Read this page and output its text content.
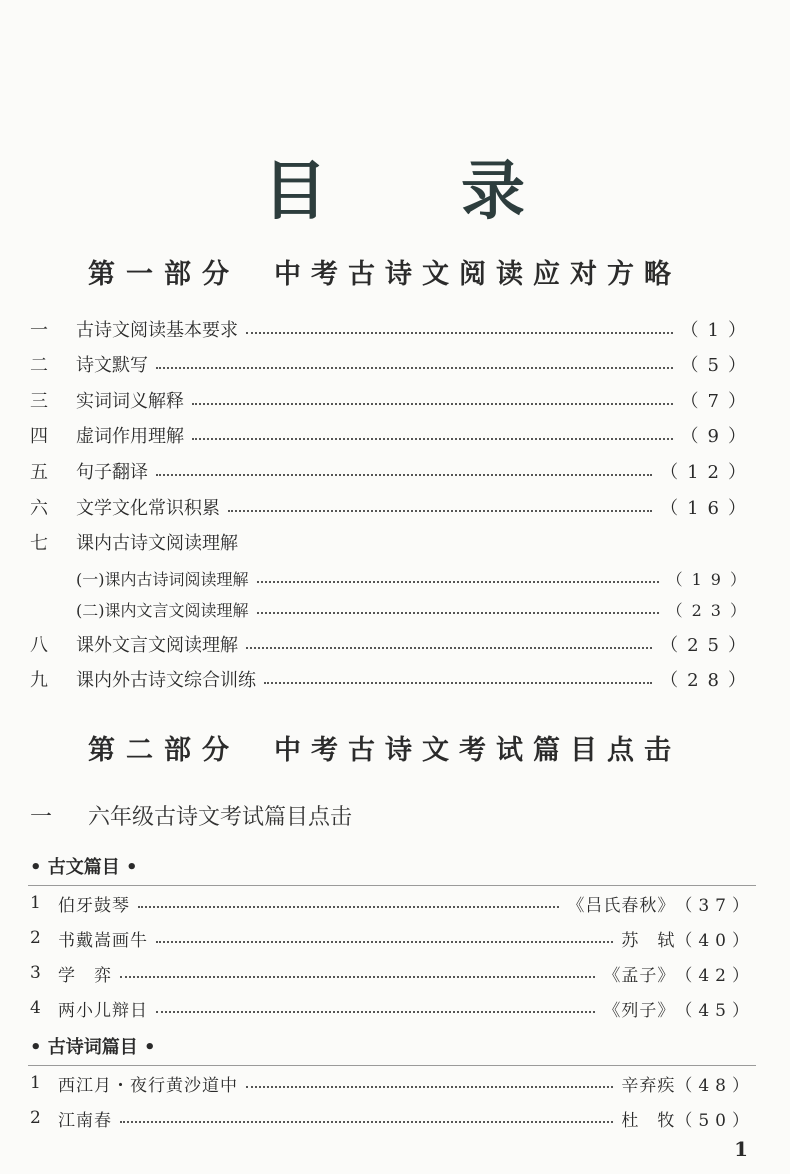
目 录
第一部分 中考古诗文阅读应对方略
一	古诗文阅读基本要求	（1）
二	诗文默写	（5）
三	实词词义解释	（7）
四	虚词作用理解	（9）
五	句子翻译	（12）
六	文学文化常识积累	（16）
七	课内古诗文阅读理解
(一)课内古诗词阅读理解	（19）
(二)课内文言文阅读理解	（23）
八	课外文言文阅读理解	（25）
九	课内外古诗文综合训练	（28）
第二部分 中考古诗文考试篇目点击
一 六年级古诗文考试篇目点击
• 古文篇目 •
1	伯牙鼓琴	《吕氏春秋》 （37）
2	书戴嵩画牛	苏　轼 （40）
3	学　弈	《孟子》 （42）
4	两小儿辩日	《列子》 （45）
• 古诗词篇目 •
1	西江月・夜行黄沙道中	辛弃疾 （48）
2	江南春	杜　牧 （50）
1
